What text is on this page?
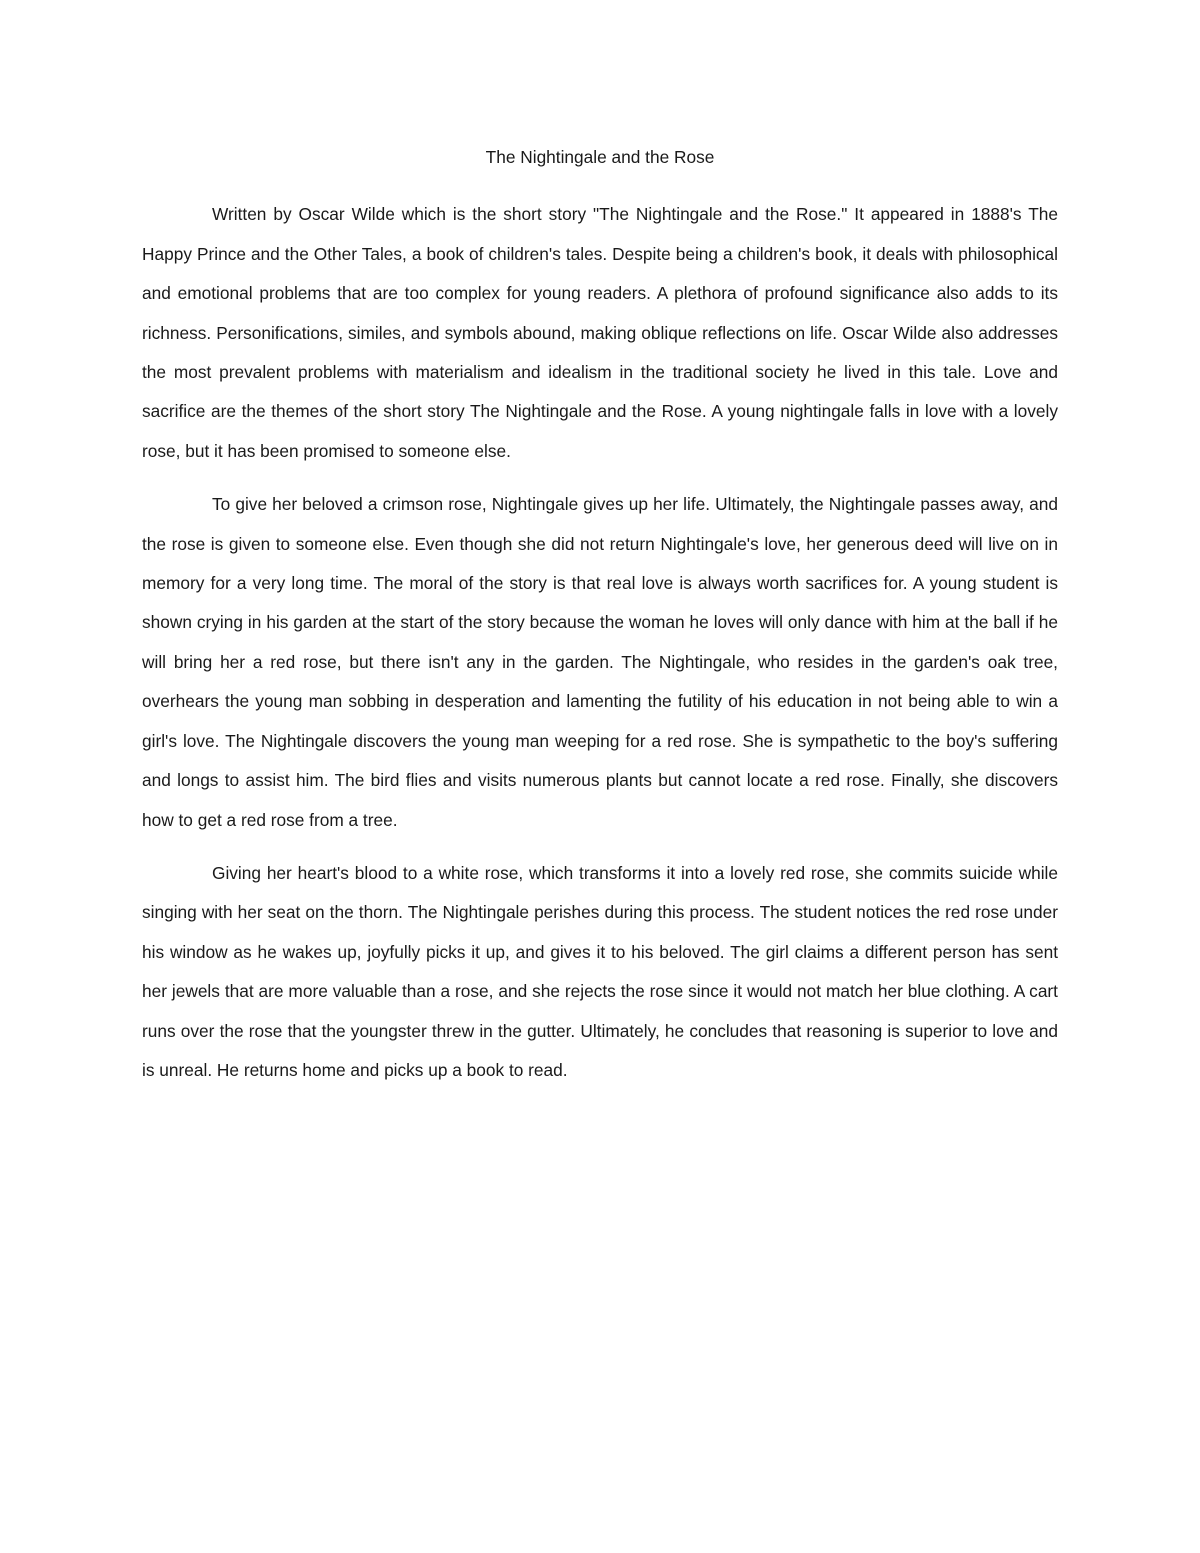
The Nightingale and the Rose

Written by Oscar Wilde which is the short story "The Nightingale and the Rose." It appeared in 1888's The Happy Prince and the Other Tales, a book of children's tales. Despite being a children's book, it deals with philosophical and emotional problems that are too complex for young readers. A plethora of profound significance also adds to its richness. Personifications, similes, and symbols abound, making oblique reflections on life. Oscar Wilde also addresses the most prevalent problems with materialism and idealism in the traditional society he lived in this tale. Love and sacrifice are the themes of the short story The Nightingale and the Rose. A young nightingale falls in love with a lovely rose, but it has been promised to someone else.

To give her beloved a crimson rose, Nightingale gives up her life. Ultimately, the Nightingale passes away, and the rose is given to someone else. Even though she did not return Nightingale's love, her generous deed will live on in memory for a very long time. The moral of the story is that real love is always worth sacrifices for. A young student is shown crying in his garden at the start of the story because the woman he loves will only dance with him at the ball if he will bring her a red rose, but there isn't any in the garden. The Nightingale, who resides in the garden's oak tree, overhears the young man sobbing in desperation and lamenting the futility of his education in not being able to win a girl's love. The Nightingale discovers the young man weeping for a red rose. She is sympathetic to the boy's suffering and longs to assist him. The bird flies and visits numerous plants but cannot locate a red rose. Finally, she discovers how to get a red rose from a tree.

Giving her heart's blood to a white rose, which transforms it into a lovely red rose, she commits suicide while singing with her seat on the thorn. The Nightingale perishes during this process. The student notices the red rose under his window as he wakes up, joyfully picks it up, and gives it to his beloved. The girl claims a different person has sent her jewels that are more valuable than a rose, and she rejects the rose since it would not match her blue clothing. A cart runs over the rose that the youngster threw in the gutter. Ultimately, he concludes that reasoning is superior to love and is unreal. He returns home and picks up a book to read.
